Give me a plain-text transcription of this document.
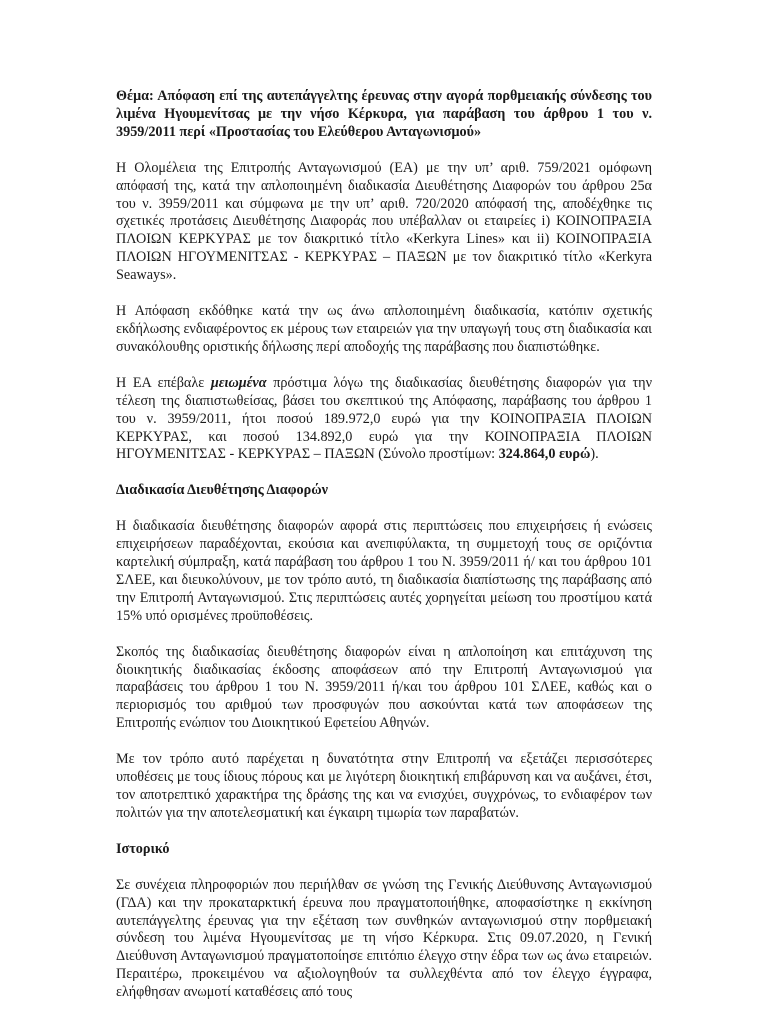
Θέμα: Απόφαση επί της αυτεπάγγελτης έρευνας στην αγορά πορθμειακής σύνδεσης του λιμένα Ηγουμενίτσας με την νήσο Κέρκυρα, για παράβαση του άρθρου 1 του ν. 3959/2011 περί «Προστασίας του Ελεύθερου Ανταγωνισμού»

Η Ολομέλεια της Επιτροπής Ανταγωνισμού (ΕΑ) με την υπ’ αριθ. 759/2021 ομόφωνη απόφασή της, κατά την απλοποιημένη διαδικασία Διευθέτησης Διαφορών του άρθρου 25α του ν. 3959/2011 και σύμφωνα με την υπ’ αριθ. 720/2020 απόφασή της, αποδέχθηκε τις σχετικές προτάσεις Διευθέτησης Διαφοράς που υπέβαλλαν οι εταιρείες i) ΚΟΙΝΟΠΡΑΞΙΑ ΠΛΟΙΩΝ ΚΕΡΚΥΡΑΣ με τον διακριτικό τίτλο «Kerkyra Lines» και ii) ΚΟΙΝΟΠΡΑΞΙΑ ΠΛΟΙΩΝ ΗΓΟΥΜΕΝΙΤΣΑΣ - ΚΕΡΚΥΡΑΣ – ΠΑΞΩΝ με τον διακριτικό τίτλο «Kerkyra Seaways».

Η Απόφαση εκδόθηκε κατά την ως άνω απλοποιημένη διαδικασία, κατόπιν σχετικής εκδήλωσης ενδιαφέροντος εκ μέρους των εταιρειών για την υπαγωγή τους στη διαδικασία και συνακόλουθης οριστικής δήλωσης περί αποδοχής της παράβασης που διαπιστώθηκε.

Η ΕΑ επέβαλε μειωμένα πρόστιμα λόγω της διαδικασίας διευθέτησης διαφορών για την τέλεση της διαπιστωθείσας, βάσει του σκεπτικού της Απόφασης, παράβασης του άρθρου 1 του ν. 3959/2011, ήτοι ποσού 189.972,0 ευρώ για την ΚΟΙΝΟΠΡΑΞΙΑ ΠΛΟΙΩΝ ΚΕΡΚΥΡΑΣ, και ποσού 134.892,0 ευρώ για την ΚΟΙΝΟΠΡΑΞΙΑ ΠΛΟΙΩΝ ΗΓΟΥΜΕΝΙΤΣΑΣ - ΚΕΡΚΥΡΑΣ – ΠΑΞΩΝ (Σύνολο προστίμων: 324.864,0 ευρώ).

Διαδικασία Διευθέτησης Διαφορών

Η διαδικασία διευθέτησης διαφορών αφορά στις περιπτώσεις που επιχειρήσεις ή ενώσεις επιχειρήσεων παραδέχονται, εκούσια και ανεπιφύλακτα, τη συμμετοχή τους σε οριζόντια καρτελική σύμπραξη, κατά παράβαση του άρθρου 1 του Ν. 3959/2011 ή/ και του άρθρου 101 ΣΛΕΕ, και διευκολύνουν, με τον τρόπο αυτό, τη διαδικασία διαπίστωσης της παράβασης από την Επιτροπή Ανταγωνισμού. Στις περιπτώσεις αυτές χορηγείται μείωση του προστίμου κατά 15% υπό ορισμένες προϋποθέσεις.

Σκοπός της διαδικασίας διευθέτησης διαφορών είναι η απλοποίηση και επιτάχυνση της διοικητικής διαδικασίας έκδοσης αποφάσεων από την Επιτροπή Ανταγωνισμού για παραβάσεις του άρθρου 1 του Ν. 3959/2011 ή/και του άρθρου 101 ΣΛΕΕ, καθώς και ο περιορισμός του αριθμού των προσφυγών που ασκούνται κατά των αποφάσεων της Επιτροπής ενώπιον του Διοικητικού Εφετείου Αθηνών.

Με τον τρόπο αυτό παρέχεται η δυνατότητα στην Επιτροπή να εξετάζει περισσότερες υποθέσεις με τους ίδιους πόρους και με λιγότερη διοικητική επιβάρυνση και να αυξάνει, έτσι, τον αποτρεπτικό χαρακτήρα της δράσης της και να ενισχύει, συγχρόνως, το ενδιαφέρον των πολιτών για την αποτελεσματική και έγκαιρη τιμωρία των παραβατών.

Ιστορικό

Σε συνέχεια πληροφοριών που περιήλθαν σε γνώση της Γενικής Διεύθυνσης Ανταγωνισμού (ΓΔΑ) και την προκαταρκτική έρευνα που πραγματοποιήθηκε, αποφασίστηκε η εκκίνηση αυτεπάγγελτης έρευνας για την εξέταση των συνθηκών ανταγωνισμού στην πορθμειακή σύνδεση του λιμένα Ηγουμενίτσας με τη νήσο Κέρκυρα. Στις 09.07.2020, η Γενική Διεύθυνση Ανταγωνισμού πραγματοποίησε επιτόπιο έλεγχο στην έδρα των ως άνω εταιρειών. Περαιτέρω, προκειμένου να αξιολογηθούν τα συλλεχθέντα από τον έλεγχο έγγραφα, ελήφθησαν ανωμοτί καταθέσεις από τους
